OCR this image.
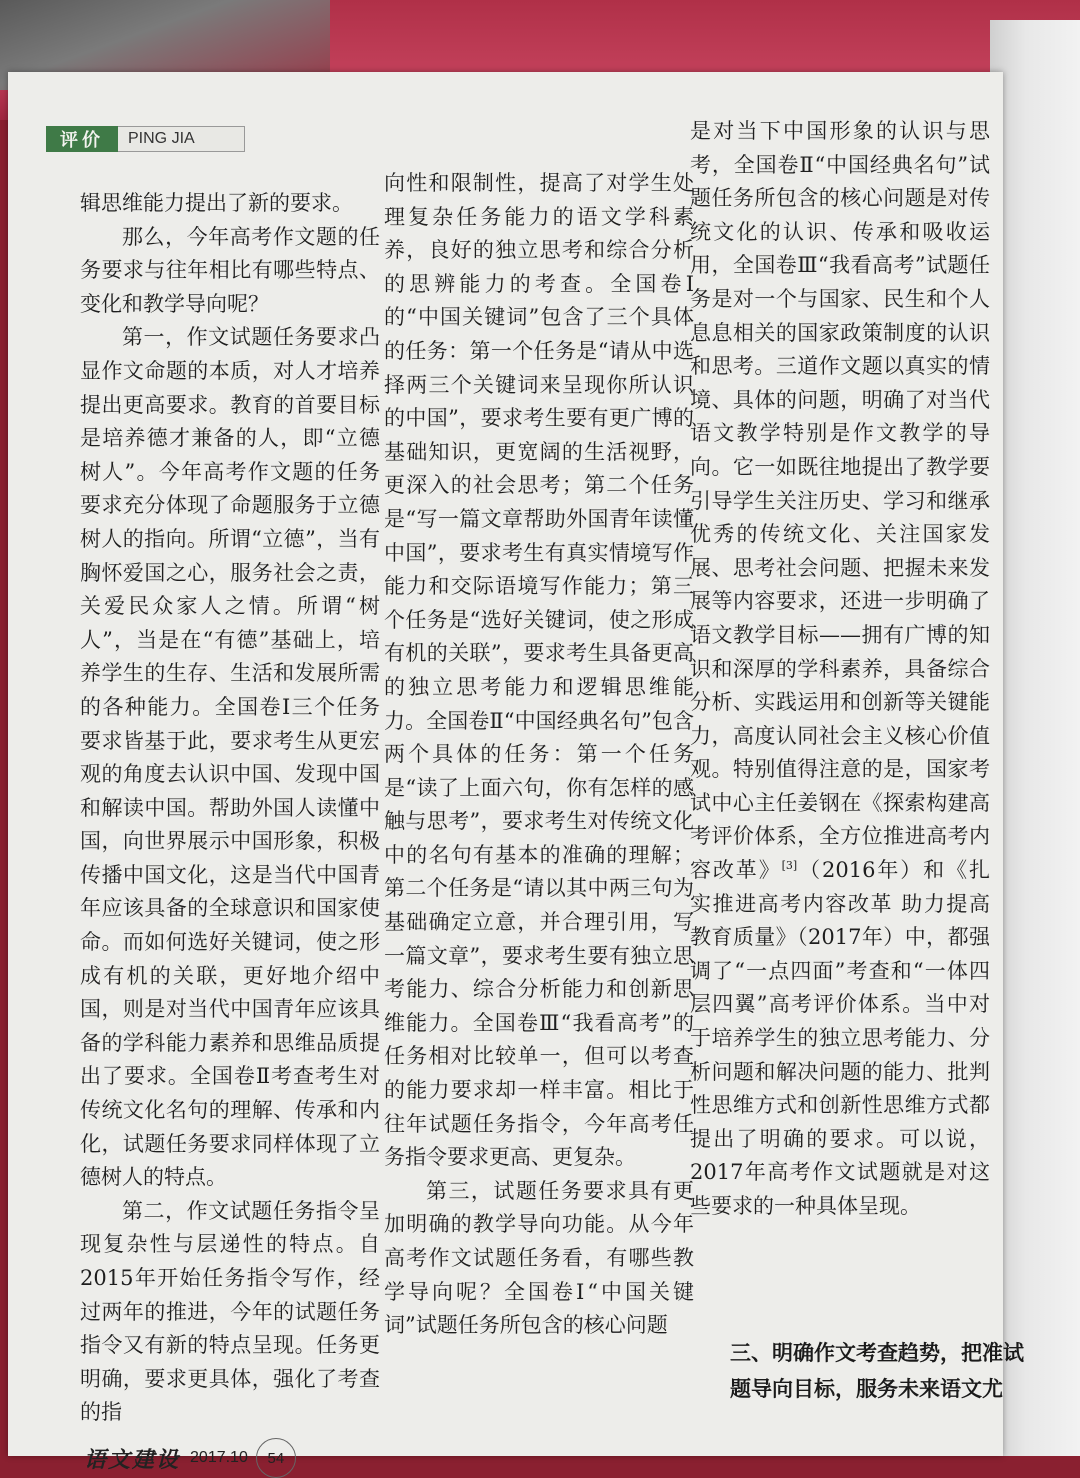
评价	PING JIA

辑思维能力提出了新的要求。

那么，今年高考作文题的任务要求与往年相比有哪些特点、变化和教学导向呢？

第一，作文试题任务要求凸显作文命题的本质，对人才培养提出更高要求。教育的首要目标是培养德才兼备的人，即“立德树人”。今年高考作文题的任务要求充分体现了命题服务于立德树人的指向。所谓“立德”，当有胸怀爱国之心，服务社会之责，关爱民众家人之情。所谓“树人”，当是在“有德”基础上，培养学生的生存、生活和发展所需的各种能力。全国卷Ⅰ三个任务要求皆基于此，要求考生从更宏观的角度去认识中国、发现中国和解读中国。帮助外国人读懂中国，向世界展示中国形象，积极传播中国文化，这是当代中国青年应该具备的全球意识和国家使命。而如何选好关键词，使之形成有机的关联，更好地介绍中国，则是对当代中国青年应该具备的学科能力素养和思维品质提出了要求。全国卷Ⅱ考查考生对传统文化名句的理解、传承和内化，试题任务要求同样体现了立德树人的特点。

第二，作文试题任务指令呈现复杂性与层递性的特点。自2015年开始任务指令写作，经过两年的推进，今年的试题任务指令又有新的特点呈现。任务更明确，要求更具体，强化了考查的指

向性和限制性，提高了对学生处理复杂任务能力的语文学科素养，良好的独立思考和综合分析的思辨能力的考查。全国卷Ⅰ的“中国关键词”包含了三个具体的任务：第一个任务是“请从中选择两三个关键词来呈现你所认识的中国”，要求考生要有更广博的基础知识，更宽阔的生活视野，更深入的社会思考；第二个任务是“写一篇文章帮助外国青年读懂中国”，要求考生有真实情境写作能力和交际语境写作能力；第三个任务是“选好关键词，使之形成有机的关联”，要求考生具备更高的独立思考能力和逻辑思维能力。全国卷Ⅱ“中国经典名句”包含两个具体的任务：第一个任务是“读了上面六句，你有怎样的感触与思考”，要求考生对传统文化中的名句有基本的准确的理解；第二个任务是“请以其中两三句为基础确定立意，并合理引用，写一篇文章”，要求考生要有独立思考能力、综合分析能力和创新思维能力。全国卷Ⅲ“我看高考”的任务相对比较单一，但可以考查的能力要求却一样丰富。相比于往年试题任务指令，今年高考任务指令要求更高、更复杂。

第三，试题任务要求具有更加明确的教学导向功能。从今年高考作文试题任务看，有哪些教学导向呢？全国卷Ⅰ“中国关键词”试题任务所包含的核心问题

是对当下中国形象的认识与思考，全国卷Ⅱ“中国经典名句”试题任务所包含的核心问题是对传统文化的认识、传承和吸收运用，全国卷Ⅲ“我看高考”试题任务是对一个与国家、民生和个人息息相关的国家政策制度的认识和思考。三道作文题以真实的情境、具体的问题，明确了对当代语文教学特别是作文教学的导向。它一如既往地提出了教学要引导学生关注历史、学习和继承优秀的传统文化、关注国家发展、思考社会问题、把握未来发展等内容要求，还进一步明确了语文教学目标——拥有广博的知识和深厚的学科素养，具备综合分析、实践运用和创新等关键能力，高度认同社会主义核心价值观。特别值得注意的是，国家考试中心主任姜钢在《探索构建高考评价体系，全方位推进高考内容改革》[3]（2016年）和《扎实推进高考内容改革 助力提高教育质量》（2017年）中，都强调了“一点四面”考查和“一体四层四翼”高考评价体系。当中对于培养学生的独立思考能力、分析问题和解决问题的能力、批判性思维方式和创新性思维方式都提出了明确的要求。可以说，2017年高考作文试题就是对这些要求的一种具体呈现。

三、明确作文考查趋势，把准试题导向目标，服务未来语文尤
语文建设 2017.10	54
